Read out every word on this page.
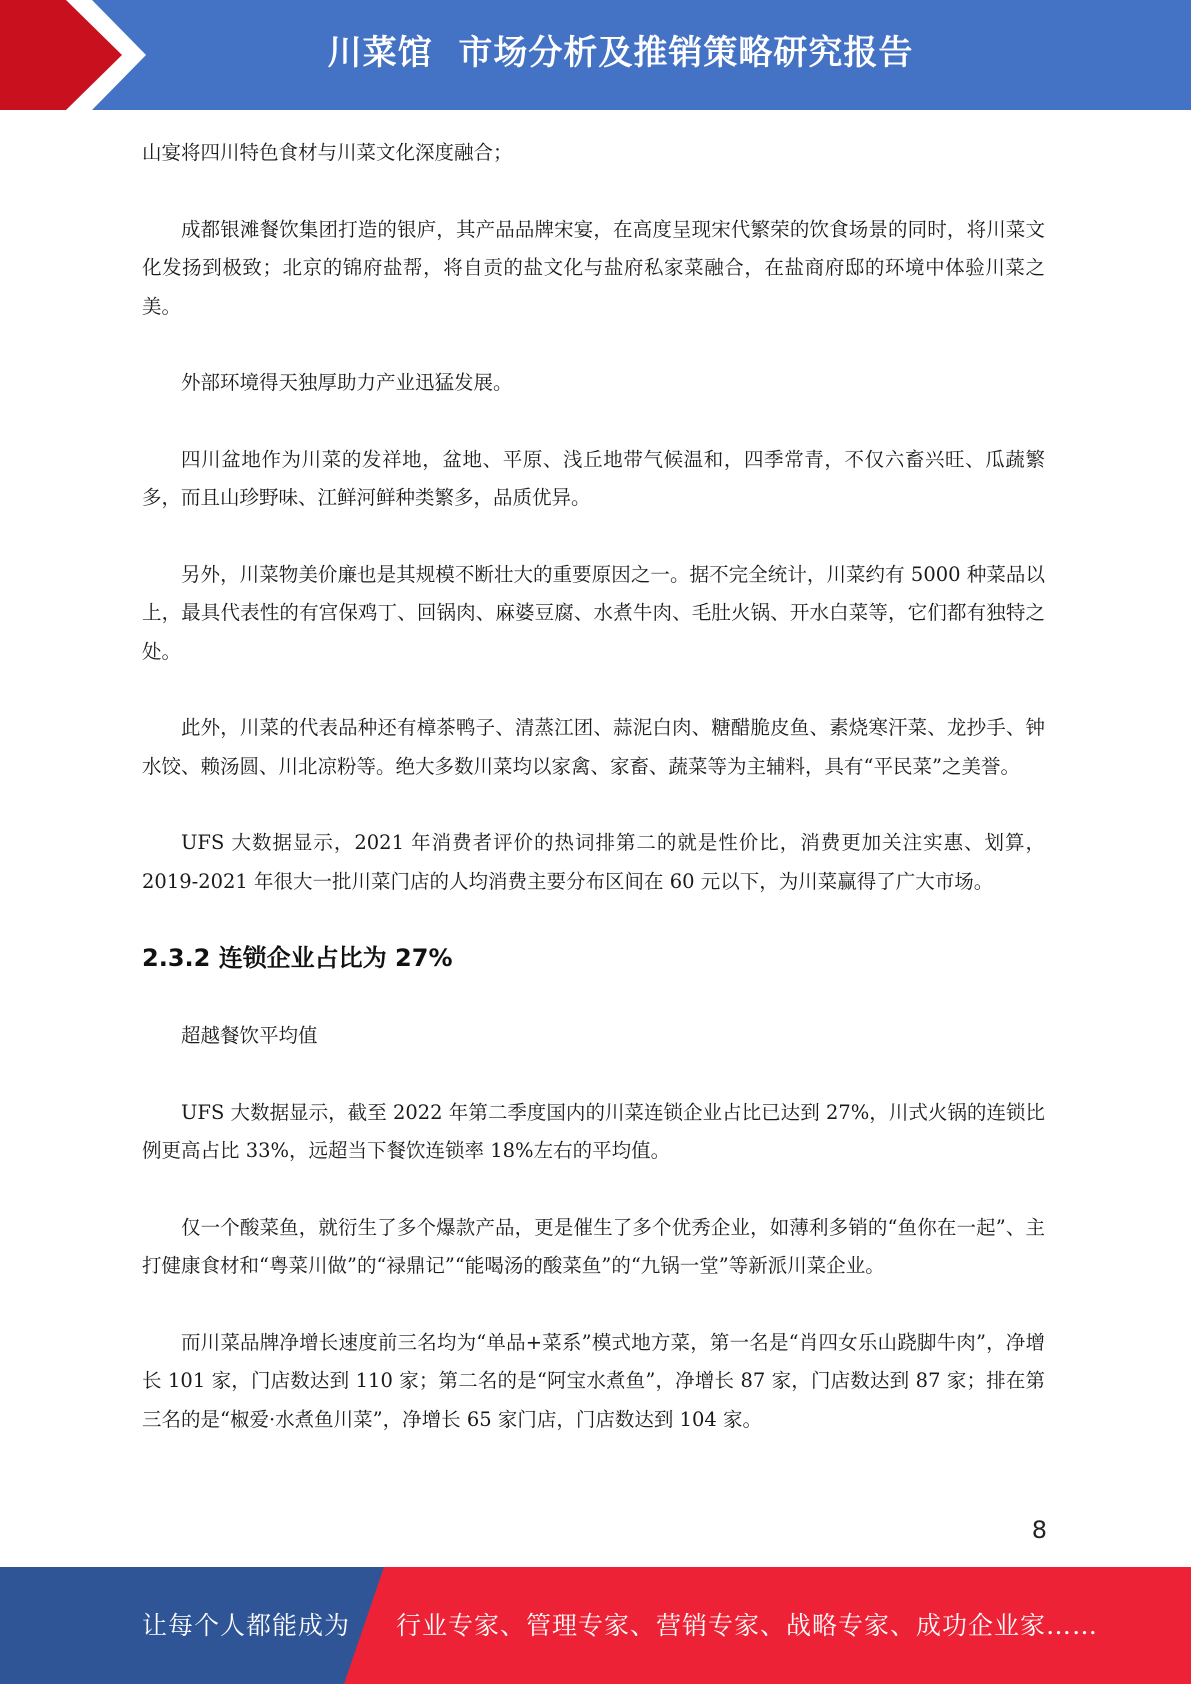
川菜馆  市场分析及推销策略研究报告

山宴将四川特色食材与川菜文化深度融合；

成都银滩餐饮集团打造的银庐，其产品品牌宋宴，在高度呈现宋代繁荣的饮食场景的同时，将川菜文化发扬到极致；北京的锦府盐帮，将自贡的盐文化与盐府私家菜融合，在盐商府邸的环境中体验川菜之美。

外部环境得天独厚助力产业迅猛发展。

四川盆地作为川菜的发祥地，盆地、平原、浅丘地带气候温和，四季常青，不仅六畜兴旺、瓜蔬繁多，而且山珍野味、江鲜河鲜种类繁多，品质优异。

另外，川菜物美价廉也是其规模不断壮大的重要原因之一。据不完全统计，川菜约有 5000 种菜品以上，最具代表性的有宫保鸡丁、回锅肉、麻婆豆腐、水煮牛肉、毛肚火锅、开水白菜等，它们都有独特之处。

此外，川菜的代表品种还有樟茶鸭子、清蒸江团、蒜泥白肉、糖醋脆皮鱼、素烧寒汗菜、龙抄手、钟水饺、赖汤圆、川北凉粉等。绝大多数川菜均以家禽、家畜、蔬菜等为主辅料，具有“平民菜”之美誉。

UFS 大数据显示，2021 年消费者评价的热词排第二的就是性价比，消费更加关注实惠、划算，2019-2021 年很大一批川菜门店的人均消费主要分布区间在 60 元以下，为川菜赢得了广大市场。

2.3.2 连锁企业占比为 27%

超越餐饮平均值

UFS 大数据显示，截至 2022 年第二季度国内的川菜连锁企业占比已达到 27%，川式火锅的连锁比例更高占比 33%，远超当下餐饮连锁率 18%左右的平均值。

仅一个酸菜鱼，就衍生了多个爆款产品，更是催生了多个优秀企业，如薄利多销的“鱼你在一起”、主打健康食材和“粤菜川做”的“禄鼎记”“能喝汤的酸菜鱼”的“九锅一堂”等新派川菜企业。

而川菜品牌净增长速度前三名均为“单品+菜系”模式地方菜，第一名是“肖四女乐山跷脚牛肉”，净增长 101 家，门店数达到 110 家；第二名的是“阿宝水煮鱼”，净增长 87 家，门店数达到 87 家；排在第三名的是“椒爱·水煮鱼川菜”，净增长 65 家门店，门店数达到 104 家。

8
让每个人都能成为 行业专家、管理专家、营销专家、战略专家、成功企业家……
